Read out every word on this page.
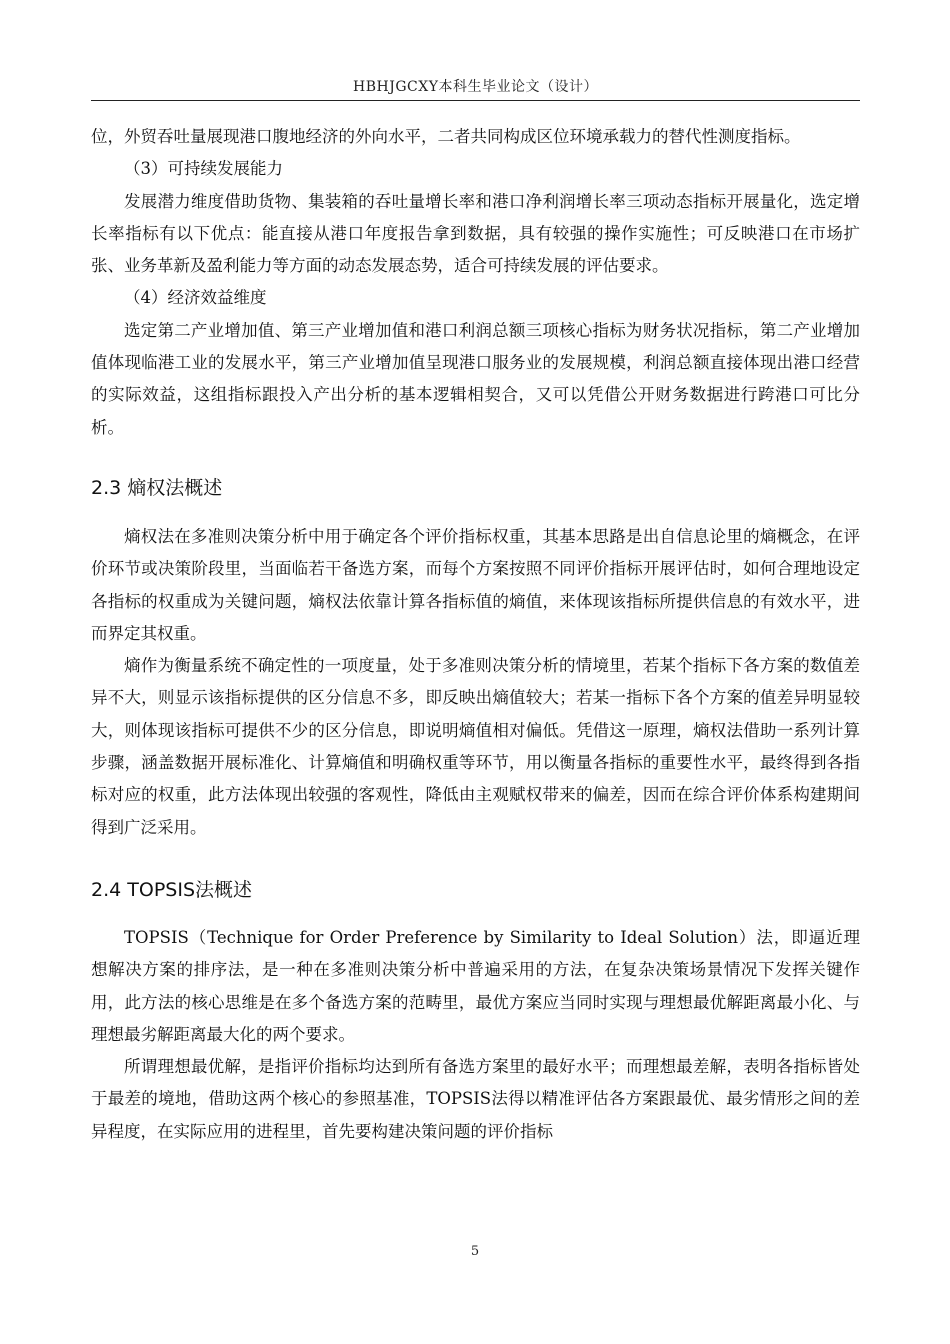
HBHJGCXY本科生毕业论文（设计）

位，外贸吞吐量展现港口腹地经济的外向水平，二者共同构成区位环境承载力的替代性测度指标。

（3）可持续发展能力

发展潜力维度借助货物、集装箱的吞吐量增长率和港口净利润增长率三项动态指标开展量化，选定增长率指标有以下优点：能直接从港口年度报告拿到数据，具有较强的操作实施性；可反映港口在市场扩张、业务革新及盈利能力等方面的动态发展态势，适合可持续发展的评估要求。

（4）经济效益维度

选定第二产业增加值、第三产业增加值和港口利润总额三项核心指标为财务状况指标，第二产业增加值体现临港工业的发展水平，第三产业增加值呈现港口服务业的发展规模，利润总额直接体现出港口经营的实际效益，这组指标跟投入产出分析的基本逻辑相契合，又可以凭借公开财务数据进行跨港口可比分析。

2.3 熵权法概述

熵权法在多准则决策分析中用于确定各个评价指标权重，其基本思路是出自信息论里的熵概念，在评价环节或决策阶段里，当面临若干备选方案，而每个方案按照不同评价指标开展评估时，如何合理地设定各指标的权重成为关键问题，熵权法依靠计算各指标值的熵值，来体现该指标所提供信息的有效水平，进而界定其权重。

熵作为衡量系统不确定性的一项度量，处于多准则决策分析的情境里，若某个指标下各方案的数值差异不大，则显示该指标提供的区分信息不多，即反映出熵值较大；若某一指标下各个方案的值差异明显较大，则体现该指标可提供不少的区分信息，即说明熵值相对偏低。凭借这一原理，熵权法借助一系列计算步骤，涵盖数据开展标准化、计算熵值和明确权重等环节，用以衡量各指标的重要性水平，最终得到各指标对应的权重，此方法体现出较强的客观性，降低由主观赋权带来的偏差，因而在综合评价体系构建期间得到广泛采用。

2.4 TOPSIS法概述

TOPSIS（Technique for Order Preference by Similarity to Ideal Solution）法，即逼近理想解决方案的排序法，是一种在多准则决策分析中普遍采用的方法，在复杂决策场景情况下发挥关键作用，此方法的核心思维是在多个备选方案的范畴里，最优方案应当同时实现与理想最优解距离最小化、与理想最劣解距离最大化的两个要求。

所谓理想最优解，是指评价指标均达到所有备选方案里的最好水平；而理想最差解，表明各指标皆处于最差的境地，借助这两个核心的参照基准，TOPSIS法得以精准评估各方案跟最优、最劣情形之间的差异程度，在实际应用的进程里，首先要构建决策问题的评价指标

5
